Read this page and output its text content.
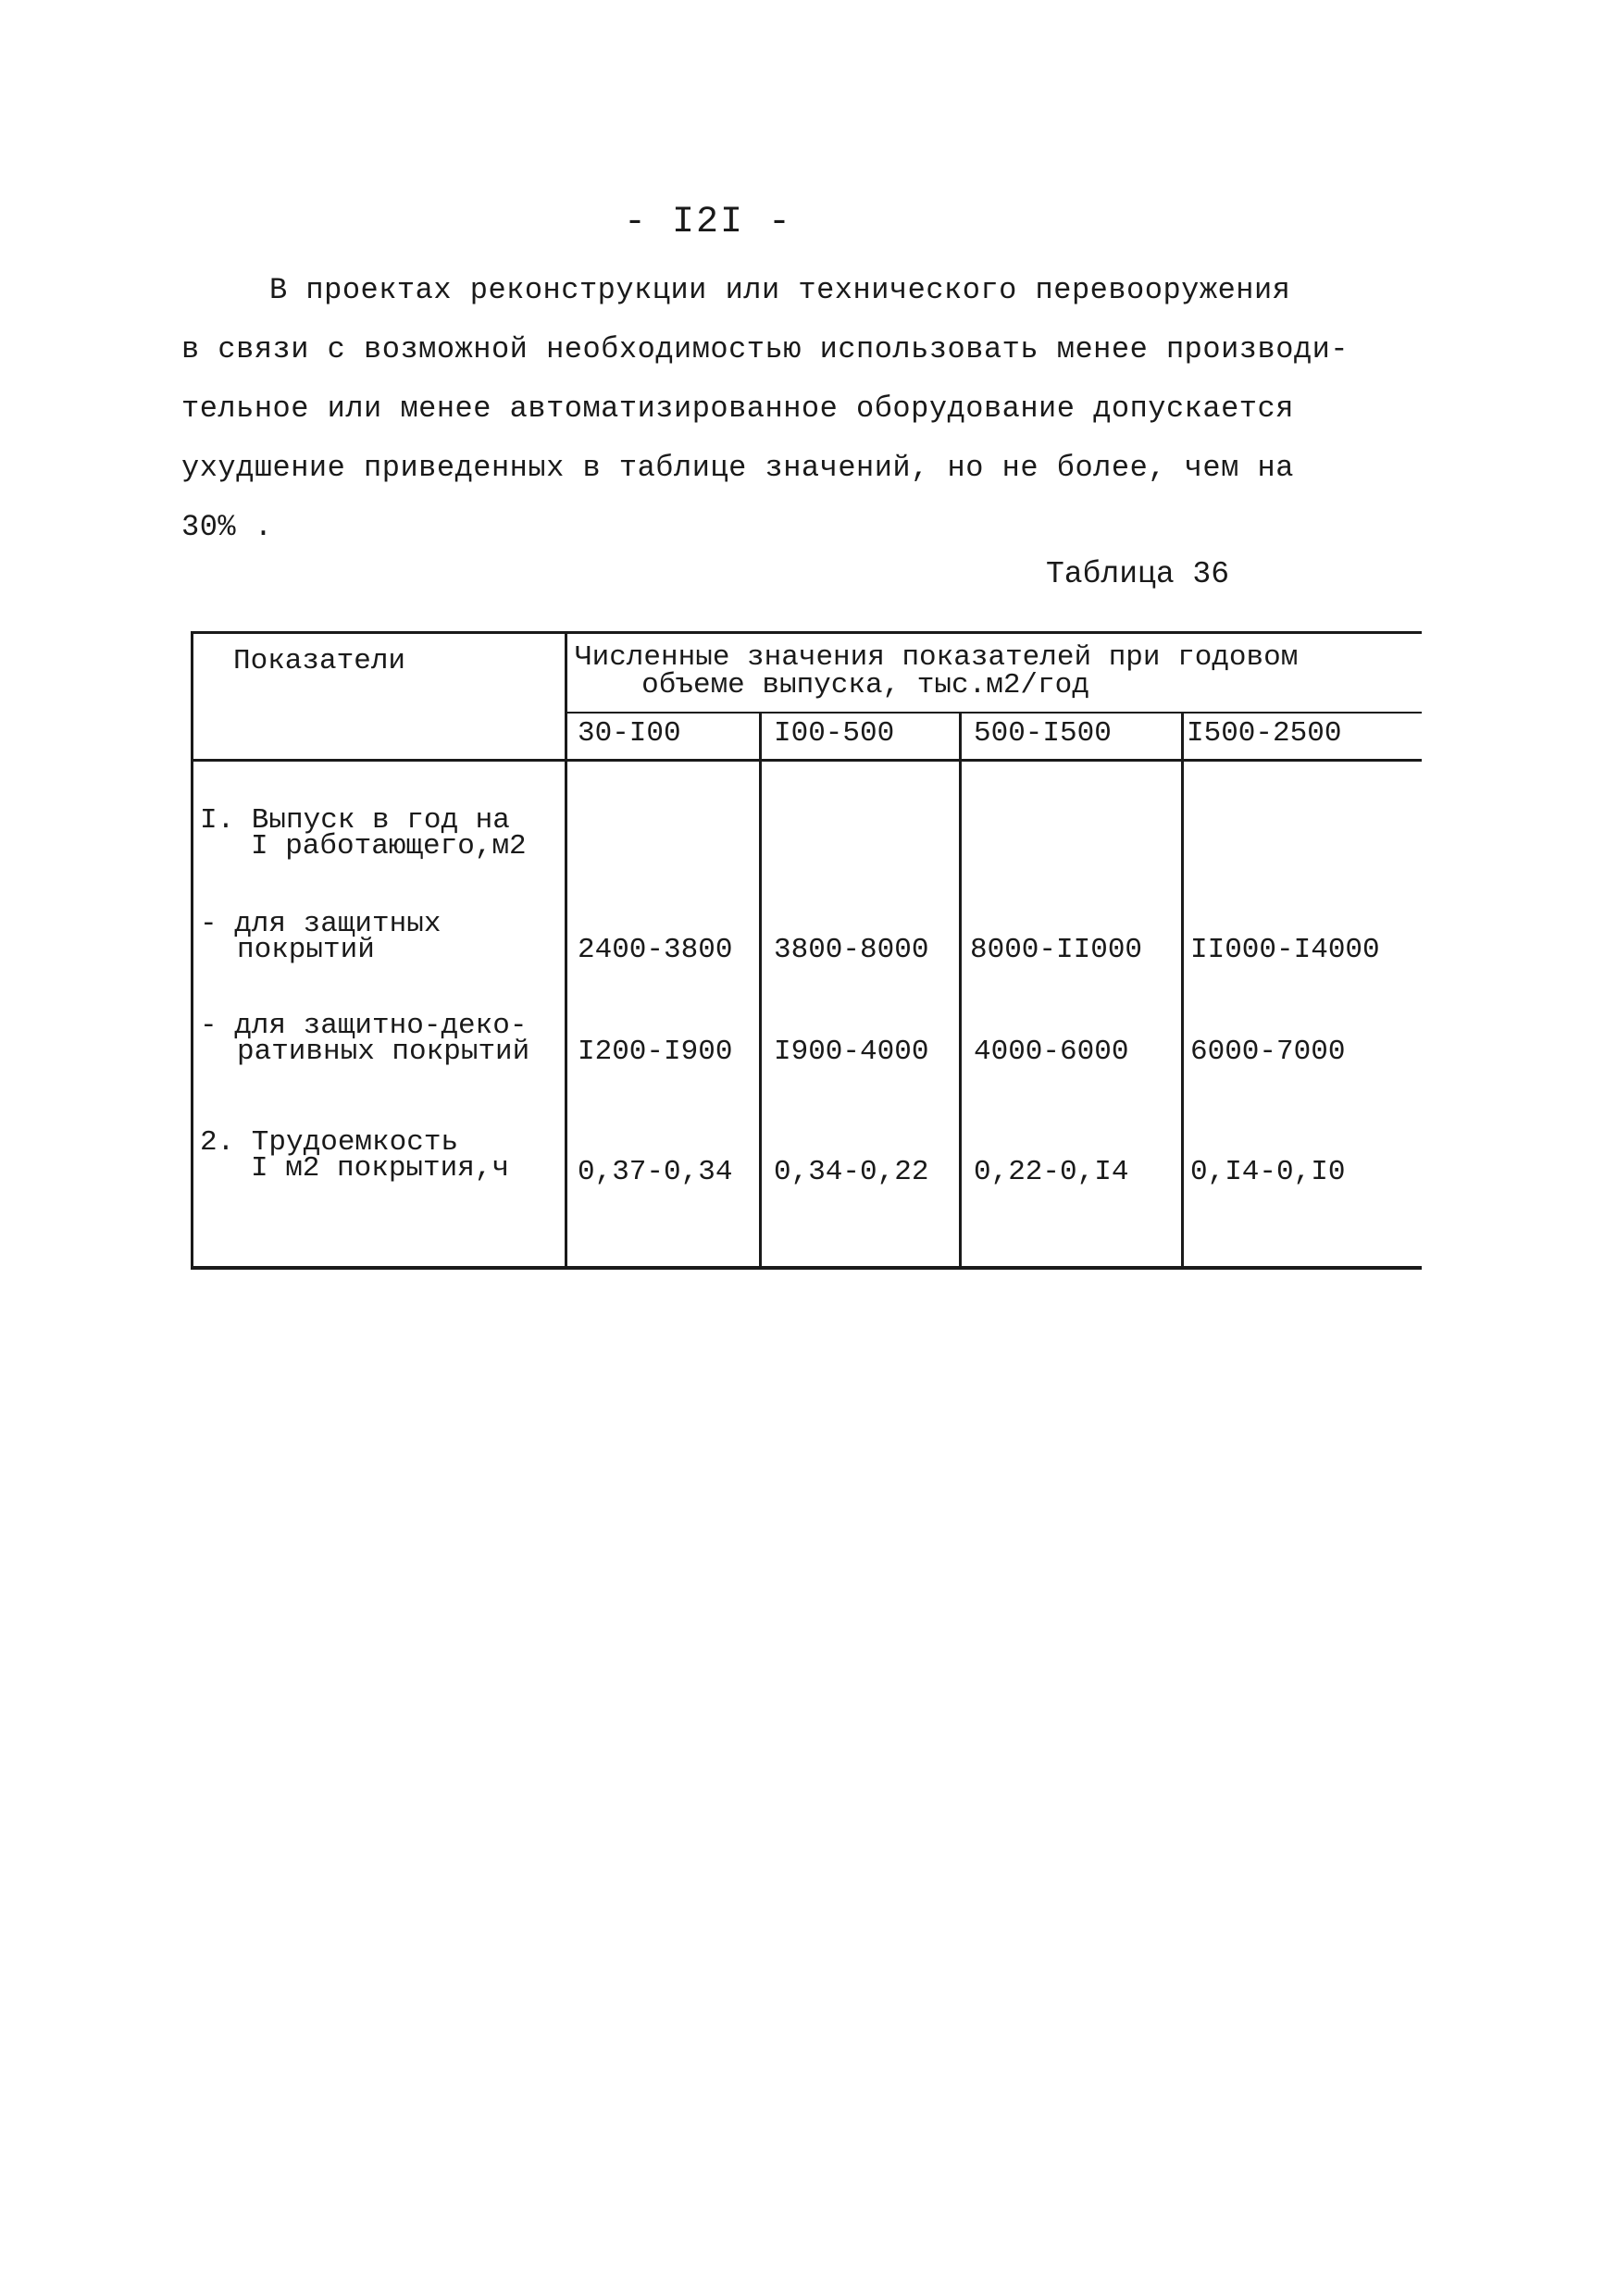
- I2I -
В проектах реконструкции или технического перевооружения
в связи с возможной необходимостью использовать менее производи-
тельное или менее автоматизированное оборудование допускается
ухудшение приведенных в таблице значений, но не более, чем на
30% .
Таблица 36
Показатели	Численные значения показателей при годовом
объеме выпуска, тыс.м2/год
30-I00	I00-500	500-I500	I500-2500
I. Выпуск в год на
I работающего,м2
- для защитных
покрытий	2400-3800 3800-8000 8000-II000 II000-I4000
- для защитно-деко-
ративных покрытий I200-I900 I900-4000 4000-6000 6000-7000
2. Трудоемкость
I м2 покрытия,ч 0,37-0,34 0,34-0,22 0,22-0,I4 0,I4-0,I0
